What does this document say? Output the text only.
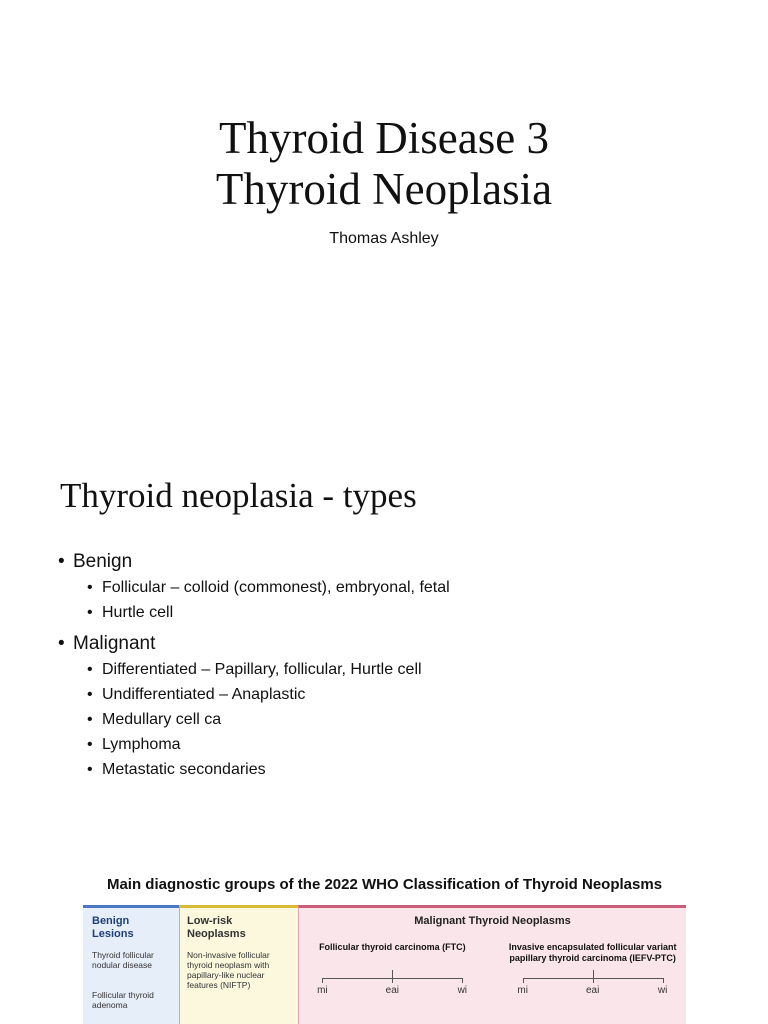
Thyroid Disease 3
Thyroid Neoplasia
Thomas Ashley
Thyroid neoplasia - types
• Benign
• Follicular – colloid (commonest), embryonal, fetal
• Hurtle cell
• Malignant
• Differentiated – Papillary, follicular, Hurtle cell
• Undifferentiated – Anaplastic
• Medullary cell ca
• Lymphoma
• Metastatic secondaries
Main diagnostic groups of the 2022 WHO Classification of Thyroid Neoplasms
Benign Lesions
Thyroid follicular nodular disease
Follicular thyroid adenoma
Low-risk Neoplasms
Non-invasive follicular thyroid neoplasm with papillary-like nuclear features (NIFTP)
Malignant Thyroid Neoplasms
Follicular thyroid carcinoma (FTC)
mi	eai	wi
Invasive encapsulated follicular variant papillary thyroid carcinoma (IEFV-PTC)
mi	eai	wi
